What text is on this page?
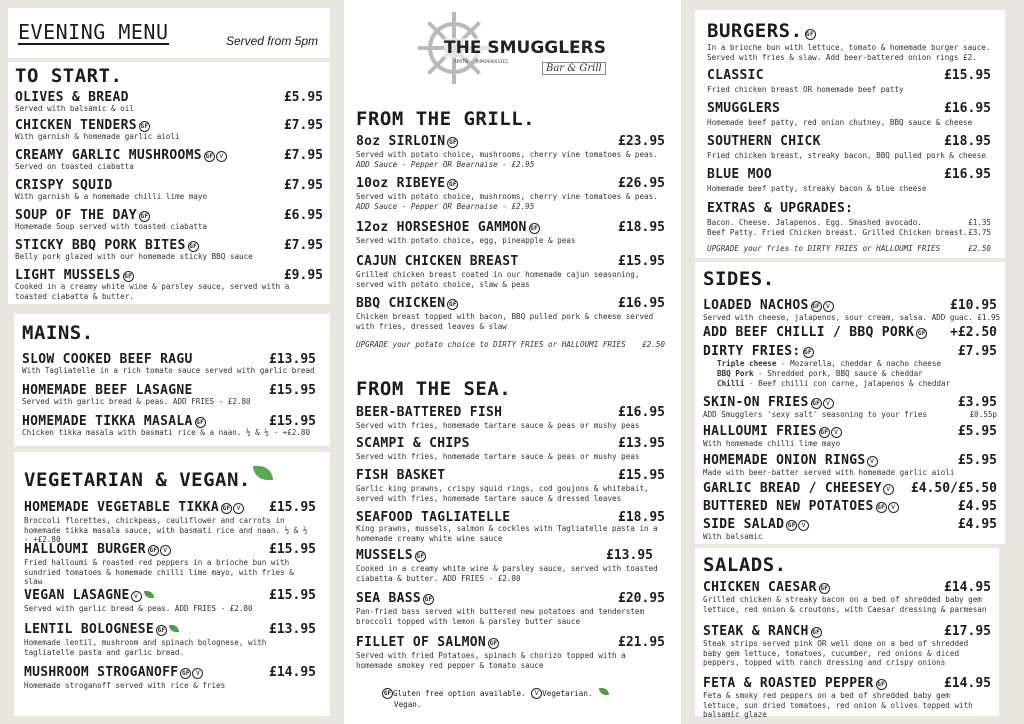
EVENING MENU	Served from 5pm
TO START.
OLIVES & BREAD	£5.95
Served with balsamic & oil
CHICKEN TENDERS GF	£7.95
With garnish & homemade garlic aioli
CREAMY GARLIC MUSHROOMS GF V	£7.95
Served on toasted ciabatta
CRISPY SQUID	£7.95
With garnish & a homemade chilli lime mayo
SOUP OF THE DAY GF	£6.95
Homemade Soup served with toasted ciabatta
STICKY BBQ PORK BITES GF	£7.95
Belly pork glazed with our homemade sticky BBQ sauce
LIGHT MUSSELS GF	£9.95
Cooked in a creamy white wine & parsley sauce, served with a toasted ciabatta & butter.
MAINS.
SLOW COOKED BEEF RAGU	£13.95
With Tagliatelle in a rich tomato sauce served with garlic bread
HOMEMADE BEEF LASAGNE	£15.95
Served with garlic bread & peas. ADD FRIES - £2.80
HOMEMADE TIKKA MASALA GF	£15.95
Chicken tikka masala with basmati rice & a naan. ½ & ½ - +£2.80
VEGETARIAN & VEGAN.
HOMEMADE VEGETABLE TIKKA GF V £15.95
Broccoli florettes, chickpeas, cauliflower and carrots in homemade tikka masala sauce, with basmati rice and naan. ½ & ½ - +£2.80
HALLOUMI BURGER GF V	£15.95
Fried halloumi & roasted red peppers in a brioche bun with sundried tomatoes & homemade chilli lime mayo, with fries & slaw
VEGAN LASAGNE V	£15.95
Served with garlic bread & peas. ADD FRIES - £2.80
LENTIL BOLOGNESE GF	£13.95
Homemade lentil, mushroom and spinach bolognese, with tagliatelle pasta and garlic bread.
MUSHROOM STROGANOFF GF V	£14.95
Homemade stroganoff served with rice & fries
THE SMUGGLERS
APRTH - PUMIRHOSSIEI
Bar & Grill
FROM THE GRILL.
8oz SIRLOIN GF	£23.95
Served with potato choice, mushrooms, cherry vine tomatoes & peas.
ADD Sauce - Pepper OR Bearnaise - £2.95
10oz RIBEYE GF	£26.95
Served with potato choice, mushrooms, cherry vine tomatoes & peas.
ADD Sauce - Pepper OR Bearnaise - £2.95
12oz HORSESHOE GAMMON GF	£18.95
Served with potato choice, egg, pineapple & peas
CAJUN CHICKEN BREAST	£15.95
Grilled chicken breast coated in our homemade cajun seasoning, served with potato choice, slaw & peas
BBQ CHICKEN GF	£16.95
Chicken breast topped with bacon, BBQ pulled pork & cheese served with fries, dressed leaves & slaw
UPGRADE your potato choice to DIRTY FRIES or HALLOUMI FRIES £2.50
FROM THE SEA.
BEER-BATTERED FISH	£16.95
Served with fries, homemade tartare sauce & peas or mushy peas
SCAMPI & CHIPS	£13.95
Served with fries, homemade tartare sauce & peas or mushy peas
FISH BASKET	£15.95
Garlic king prawns, crispy squid rings, cod goujons & whitebait, served with fries, homemade tartare sauce & dressed leaves
SEAFOOD TAGLIATELLE	£18.95
King prawns, mussels, salmon & cockles with Tagliatelle pasta in a homemade creamy white wine sauce
MUSSELS GF	£13.95
Cooked in a creamy white wine & parsley sauce, served with toasted ciabatta & butter. ADD FRIES - £2.80
SEA BASS GF	£20.95
Pan-fried bass served with buttered new potatoes and tenderstem broccoli topped with lemon & parsley butter sauce
FILLET OF SALMON GF	£21.95
Served with fried Potatoes, spinach & chorizo topped with a homemade smokey red pepper & tomato sauce
GF Gluten free option available. V Vegetarian.
Vegan.
BURGERS. GF
In a brioche bun with lettuce, tomato & homemade burger sauce. Served with fries & slaw. Add beer-battered onion rings £2.
CLASSIC	£15.95
Fried chicken breast OR homemade beef patty
SMUGGLERS	£16.95
Homemade beef patty, red onion chutney, BBQ sauce & cheese
SOUTHERN CHICK	£18.95
Fried chicken breast, streaky bacon, BBQ pulled pork & cheese
BLUE MOO	£16.95
Homemade beef patty, streaky bacon & blue cheese
EXTRAS & UPGRADES:
Bacon. Cheese. Jalapenos. Egg. Smashed avocado.	£1.35
Beef Patty. Fried Chicken breast. Grilled Chicken breast. £3.75
UPGRADE your fries to DIRTY FRIES or HALLOUMI FRIES	£2.50
SIDES.
LOADED NACHOS GF V	£10.95
Served with cheese, jalapenos, sour cream, salsa. ADD guac. £1.95
ADD BEEF CHILLI / BBQ PORK GF +£2.50
DIRTY FRIES: GF	£7.95
Triple cheese - Mozarella, cheddar & nacho cheese
BBQ Pork - Shredded pork, BBQ sauce & cheddar
Chilli - Beef chilli con carne, jalapenos & cheddar
SKIN-ON FRIES GF V	£3.95
ADD Smugglers 'sexy salt' seasoning to your fries	£0.55p
HALLOUMI FRIES GF V	£5.95
With homemade chilli lime mayo
HOMEMADE ONION RINGS V	£5.95
Made with beer-batter served with homemade garlic aioli
GARLIC BREAD / CHEESEY V £4.50/£5.50
BUTTERED NEW POTATOES GF V	£4.95
SIDE SALAD GF V	£4.95
With balsamic
SALADS.
CHICKEN CAESAR GF	£14.95
Grilled chicken & streaky bacon on a bed of shredded baby gem lettuce, red onion & croutons, with Caesar dressing & parmesan
STEAK & RANCH GF	£17.95
Steak strips served pink OR well done on a bed of shredded baby gem lettuce, tomatoes, cucumber, red onions & diced peppers, topped with ranch dressing and crispy onions
FETA & ROASTED PEPPER GF	£14.95
Feta & smoky red peppers on a bed of shredded baby gem lettuce, sun dried tomatoes, red onion & olives topped with balsamic glaze
